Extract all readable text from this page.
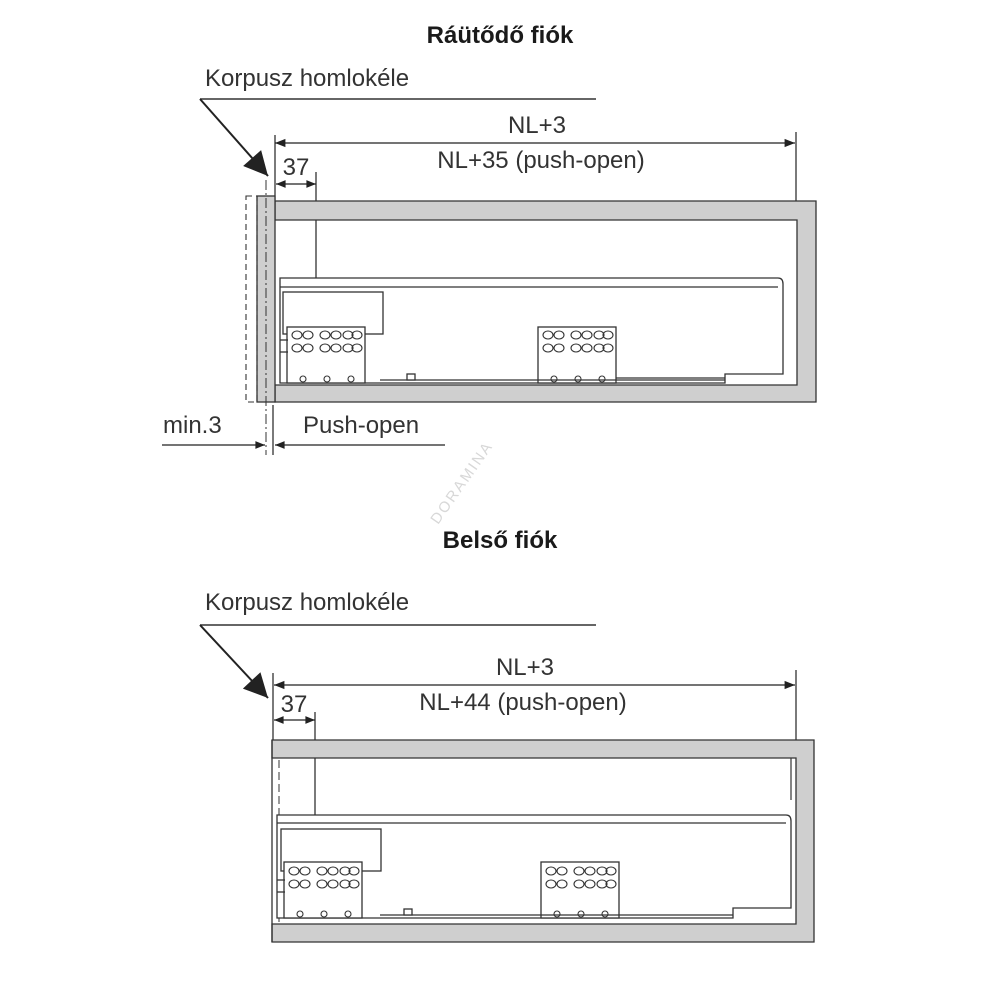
DORAMINA
Ráütődő fiók
Korpusz homlokéle
NL+3
NL+35 (push-open)
37
min.3	Push-open
Belső fiók
Korpusz homlokéle
NL+3
NL+44 (push-open)
37
